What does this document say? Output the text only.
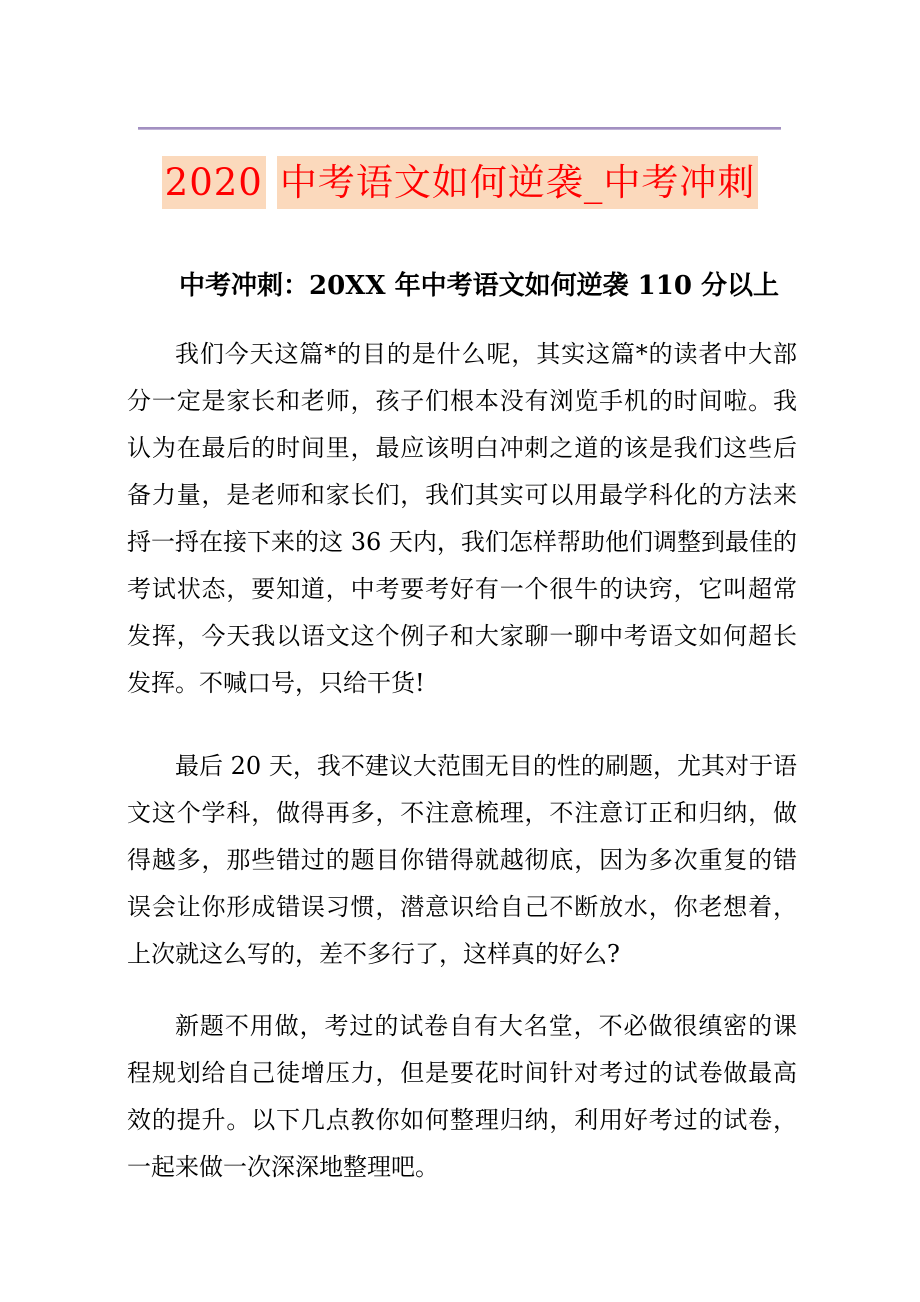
2020 中考语文如何逆袭_中考冲刺
中考冲刺：20XX 年中考语文如何逆袭 110 分以上

我们今天这篇*的目的是什么呢，其实这篇*的读者中大部分一定是家长和老师，孩子们根本没有浏览手机的时间啦。我认为在最后的时间里，最应该明白冲刺之道的该是我们这些后备力量，是老师和家长们，我们其实可以用最学科化的方法来捋一捋在接下来的这 36 天内，我们怎样帮助他们调整到最佳的考试状态，要知道，中考要考好有一个很牛的诀窍，它叫超常发挥，今天我以语文这个例子和大家聊一聊中考语文如何超长发挥。不喊口号，只给干货!

最后 20 天，我不建议大范围无目的性的刷题，尤其对于语文这个学科，做得再多，不注意梳理，不注意订正和归纳，做得越多，那些错过的题目你错得就越彻底，因为多次重复的错误会让你形成错误习惯，潜意识给自己不断放水，你老想着，上次就这么写的，差不多行了，这样真的好么?

新题不用做，考过的试卷自有大名堂，不必做很缜密的课程规划给自己徒增压力，但是要花时间针对考过的试卷做最高效的提升。以下几点教你如何整理归纳，利用好考过的试卷，一起来做一次深深地整理吧。
